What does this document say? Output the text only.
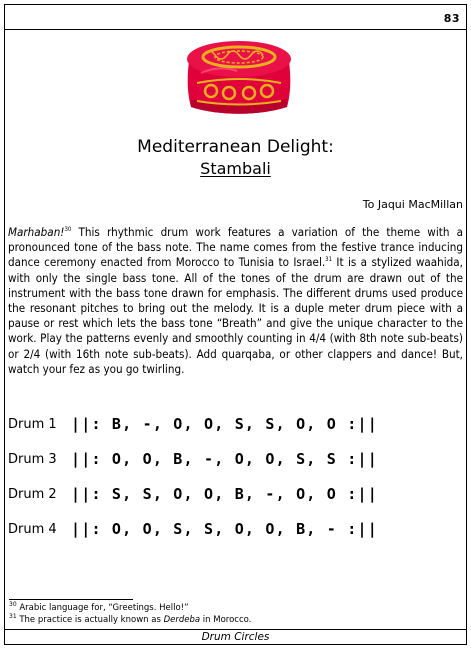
83
Mediterranean Delight:
Stambali
To Jaqui MacMillan
Marhaban!$^{30}$ This rhythmic drum work features a variation of the theme with a pronounced tone of the bass note. The name comes from the festive trance inducing dance ceremony enacted from Morocco to Tunisia to Israel.$^{31}$ It is a stylized waahida, with only the single bass tone. All of the tones of the drum are drawn out of the instrument with the bass tone drawn for emphasis. The different drums used produce the resonant pitches to bring out the melody. It is a duple meter drum piece with a pause or rest which lets the bass tone “Breath” and give the unique character to the work. Play the patterns evenly and smoothly counting in 4/4 (with 8th note sub-beats) or 2/4 (with 16th note sub-beats). Add quarqaba, or other clappers and dance! But, watch your fez as you go twirling.
Drum 1 ||: B, -, O, O, S, S, O, O :||
Drum 3 ||: O, O, B, -, O, O, S, S :||
Drum 2 ||: S, S, O, O, B, -, O, O :||
Drum 4 ||: O, O, S, S, O, O, B, - :||
$^{30}$ Arabic language for, “Greetings. Hello!”
$^{31}$ The practice is actually known as Derdeba in Morocco.
Drum Circles
